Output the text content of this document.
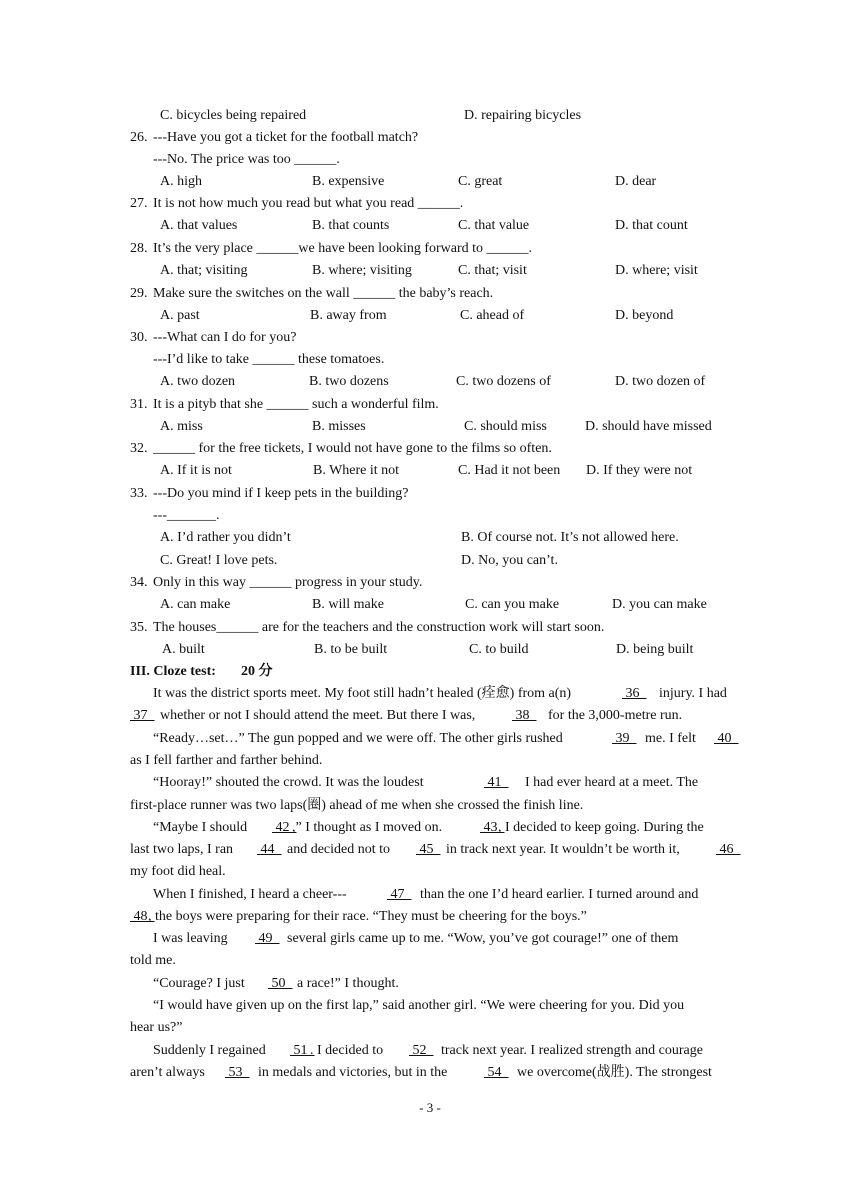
C. bicycles being repaired	D. repairing bicycles
26. ---Have you got a ticket for the football match?
---No. The price was too ______.
A. high	B. expensive	C. great	D. dear
27. It is not how much you read but what you read ______.
A. that values	B. that counts	C. that value	D. that count
28. It’s the very place ______we have been looking forward to ______.
A. that; visiting	B. where; visiting	C. that; visit	D. where; visit
29. Make sure the switches on the wall ______ the baby’s reach.
A. past	B. away from	C. ahead of	D. beyond
30. ---What can I do for you?
---I’d like to take ______ these tomatoes.
A. two dozen	B. two dozens	C. two dozens of	D. two dozen of
31. It is a pityb that she ______ such a wonderful film.
A. miss	B. misses	C. should miss	D. should have missed
32. ______ for the free tickets, I would not have gone to the films so often.
A. If it is not	B. Where it not	C. Had it not been D. If they were not
33. ---Do you mind if I keep pets in the building?
---_______.
A. I’d rather you didn’t	B. Of course not. It’s not allowed here.
C. Great! I love pets.	D. No, you can’t.
34. Only in this way ______ progress in your study.
A. can make	B. will make	C. can you make	D. you can make
35. The houses______ are for the teachers and the construction work will start soon.
A. built	B. to be built	C. to build	D. being built
III. Cloze test: 20 分
It was the district sports meet. My foot still hadn’t healed (痊愈) from a(n)	36 injury. I had
37 whether or not I should attend the meet. But there I was,	38 for the 3,000-metre run.
“Ready…set…” The gun popped and we were off. The other girls rushed	39 me. I felt 40
as I fell farther and farther behind.
“Hooray!” shouted the crowd. It was the loudest	41 I had ever heard at a meet. The
first-place runner was two laps(圈) ahead of me when she crossed the finish line.
“Maybe I should 42
,” I thought as I moved on.	43
, I decided to keep going. During the
last two laps, I ran 44 and decided not to 45 in track next year. It wouldn’t be worth it,	46
my foot did heal.
When I finished, I heard a cheer---	47 than the one I’d heard earlier. I turned around and
48
, the boys were preparing for their race. “They must be cheering for the boys.”
I was leaving 49 several girls came up to me. “Wow, you’ve got courage!” one of them
told me.
“Courage? I just 50 a race!” I thought.
“I would have given up on the first lap,” said another girl. “We were cheering for you. Did you
hear us?”
Suddenly I regained 51
. I decided to 52 track next year. I realized strength and courage
aren’t always 53 in medals and victories, but in the	54 we overcome(战胜). The strongest
- 3 -
